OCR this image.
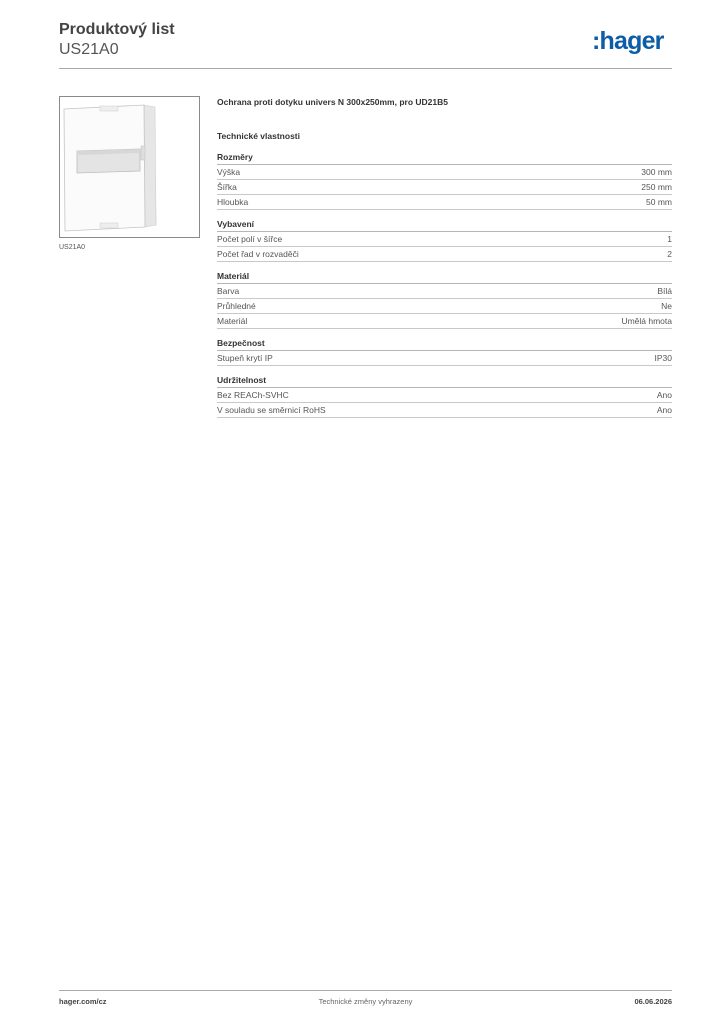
Produktový list
US21A0	:hager
US21A0
Ochrana proti dotyku univers N 300x250mm, pro UD21B5
Technické vlastnosti
Rozměry
Výška	300 mm
Šířka	250 mm
Hloubka	50 mm
Vybavení
Počet polí v šířce	1
Počet řad v rozvaděči	2
Materiál
Barva	Bílá
Průhledné	Ne
Materiál	Umělá hmota
Bezpečnost
Stupeň krytí IP	IP30
Udržitelnost
Bez REACh-SVHC	Ano
V souladu se směrnicí RoHS	Ano
hager.com/cz	Technické změny vyhrazeny	06.06.2026
